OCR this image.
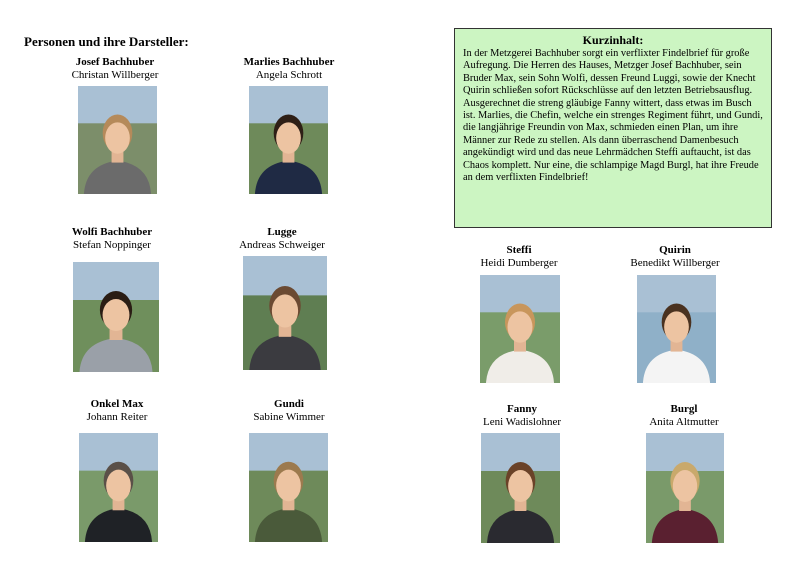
Personen und ihre Darsteller:
Josef Bachhuber
Christan Willberger
Marlies Bachhuber
Angela Schrott
Wolfi Bachhuber
Stefan Noppinger
Lugge
Andreas Schweiger
Onkel Max
Johann Reiter
Gundi
Sabine Wimmer
Steffi
Heidi Dumberger
Quirin
Benedikt Willberger
Fanny
Leni Wadislohner
Burgl
Anita Altmutter
Kurzinhalt:
In der Metzgerei Bachhuber sorgt ein verflixter Findelbrief für große Aufregung. Die Herren des Hauses, Metzger Josef Bachhuber, sein Bruder Max, sein Sohn Wolfi, dessen Freund Luggi, sowie der Knecht Quirin schließen sofort Rückschlüsse auf den letzten Betriebsausflug. Ausgerechnet die streng gläubige Fanny wittert, dass etwas im Busch ist. Marlies, die Chefin, welche ein strenges Regiment führt, und Gundi, die langjährige Freundin von Max, schmieden einen Plan, um ihre Männer zur Rede zu stellen. Als dann überraschend Damenbesuch angekündigt wird und das neue Lehrmädchen Steffi auftaucht, ist das Chaos komplett. Nur eine, die schlampige Magd Burgl, hat ihre Freude an dem verflixten Findelbrief!
